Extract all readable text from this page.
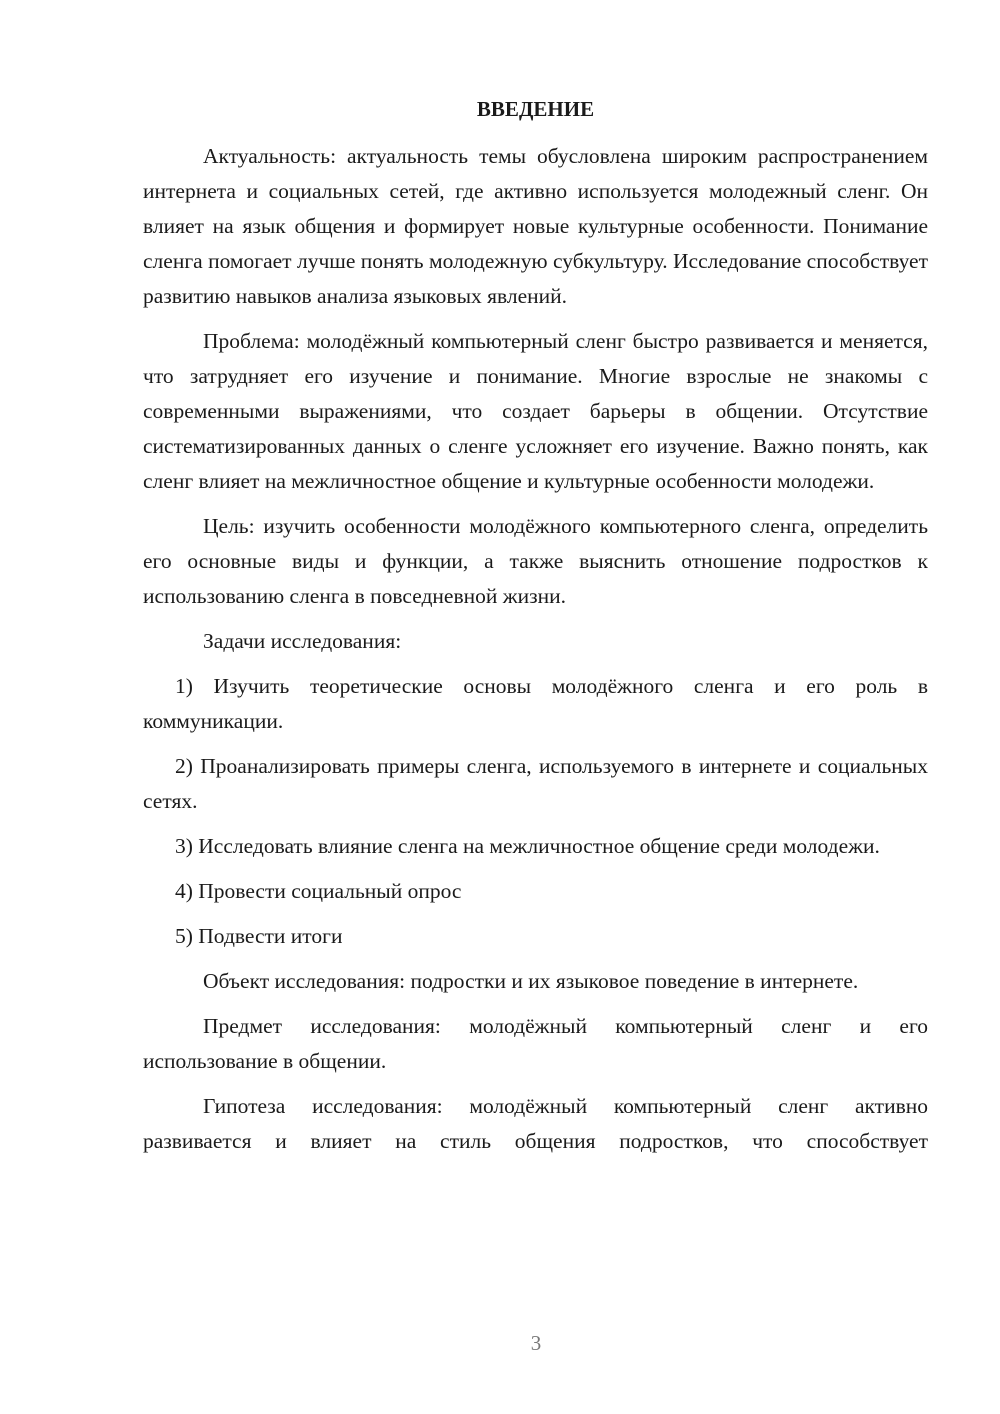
ВВЕДЕНИЕ
Актуальность: актуальность темы обусловлена широким распространением интернета и социальных сетей, где активно используется молодежный сленг. Он влияет на язык общения и формирует новые культурные особенности. Понимание сленга помогает лучше понять молодежную субкультуру. Исследование способствует развитию навыков анализа языковых явлений.
Проблема: молодёжный компьютерный сленг быстро развивается и меняется, что затрудняет его изучение и понимание. Многие взрослые не знакомы с современными выражениями, что создает барьеры в общении. Отсутствие систематизированных данных о сленге усложняет его изучение. Важно понять, как сленг влияет на межличностное общение и культурные особенности молодежи.
Цель: изучить особенности молодёжного компьютерного сленга, определить его основные виды и функции, а также выяснить отношение подростков к использованию сленга в повседневной жизни.
Задачи исследования:
1) Изучить теоретические основы молодёжного сленга и его роль в коммуникации.
2) Проанализировать примеры сленга, используемого в интернете и социальных сетях.
3) Исследовать влияние сленга на межличностное общение среди молодежи.
4) Провести социальный опрос
5) Подвести итоги
Объект исследования: подростки и их языковое поведение в интернете.
Предмет исследования: молодёжный компьютерный сленг и его использование в общении.
Гипотеза исследования: молодёжный компьютерный сленг активно развивается и влияет на стиль общения подростков, что способствует
3
